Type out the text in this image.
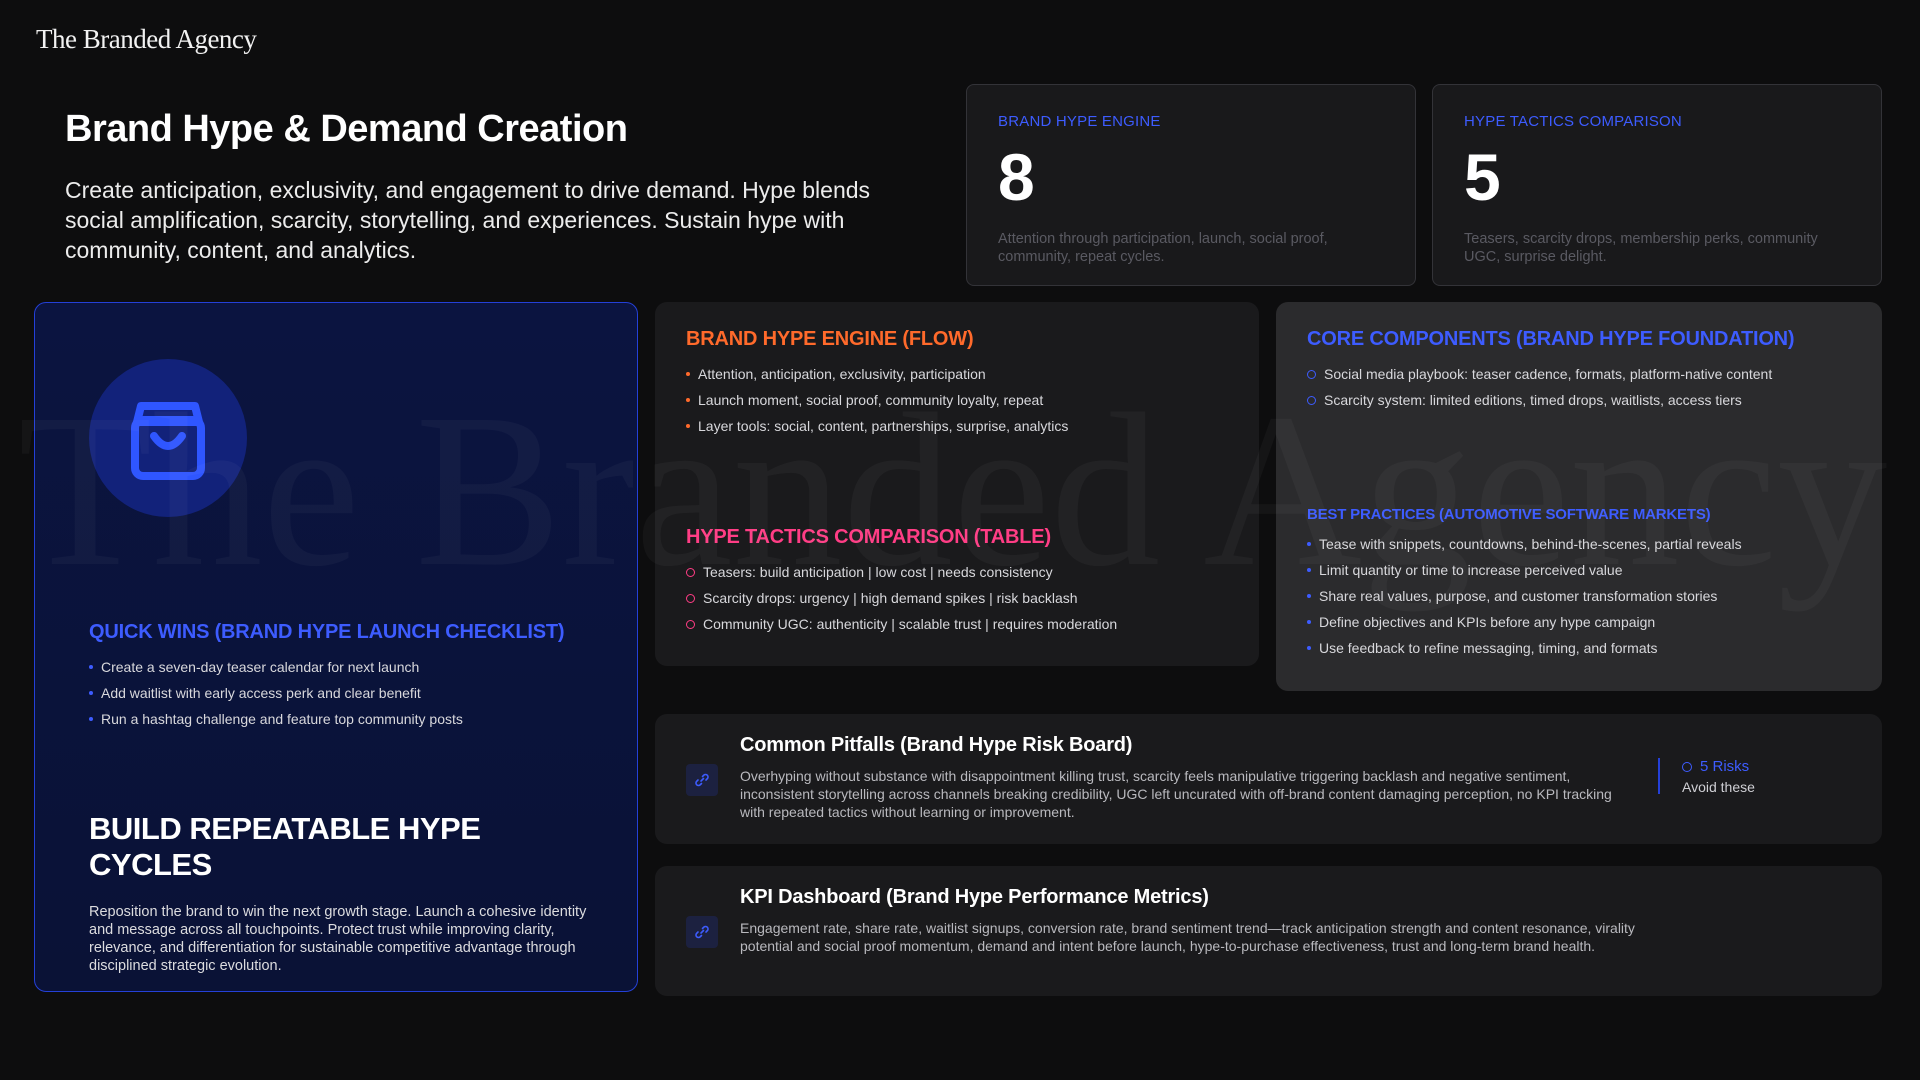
The Branded Agency
Brand Hype & Demand Creation

Create anticipation, exclusivity, and engagement to drive demand. Hype blends social amplification, scarcity, storytelling, and experiences. Sustain hype with community, content, and analytics.

BRAND HYPE ENGINE
8
Attention through participation, launch, social proof, community, repeat cycles.
HYPE TACTICS COMPARISON
5
Teasers, scarcity drops, membership perks, community UGC, surprise delight.
QUICK WINS (BRAND HYPE LAUNCH CHECKLIST)
Create a seven-day teaser calendar for next launch
Add waitlist with early access perk and clear benefit
Run a hashtag challenge and feature top community posts
BUILD REPEATABLE HYPE CYCLES

Reposition the brand to win the next growth stage. Launch a cohesive identity and message across all touchpoints. Protect trust while improving clarity, relevance, and differentiation for sustainable competitive advantage through disciplined strategic evolution.

BRAND HYPE ENGINE (FLOW)
Attention, anticipation, exclusivity, participation
Launch moment, social proof, community loyalty, repeat
Layer tools: social, content, partnerships, surprise, analytics
HYPE TACTICS COMPARISON (TABLE)
Teasers: build anticipation | low cost | needs consistency
Scarcity drops: urgency | high demand spikes | risk backlash
Community UGC: authenticity | scalable trust | requires moderation
CORE COMPONENTS (BRAND HYPE FOUNDATION)
Social media playbook: teaser cadence, formats, platform-native content
Scarcity system: limited editions, timed drops, waitlists, access tiers
BEST PRACTICES (AUTOMOTIVE SOFTWARE MARKETS)
Tease with snippets, countdowns, behind-the-scenes, partial reveals
Limit quantity or time to increase perceived value
Share real values, purpose, and customer transformation stories
Define objectives and KPIs before any hype campaign
Use feedback to refine messaging, timing, and formats
Common Pitfalls (Brand Hype Risk Board)

Overhyping without substance with disappointment killing trust, scarcity feels manipulative triggering backlash and negative sentiment, inconsistent storytelling across channels breaking credibility, UGC left uncurated with off-brand content damaging perception, no KPI tracking with repeated tactics without learning or improvement.

5 Risks
Avoid these
KPI Dashboard (Brand Hype Performance Metrics)

Engagement rate, share rate, waitlist signups, conversion rate, brand sentiment trend—track anticipation strength and content resonance, virality potential and social proof momentum, demand and intent before launch, hype-to-purchase effectiveness, trust and long-term brand health.
